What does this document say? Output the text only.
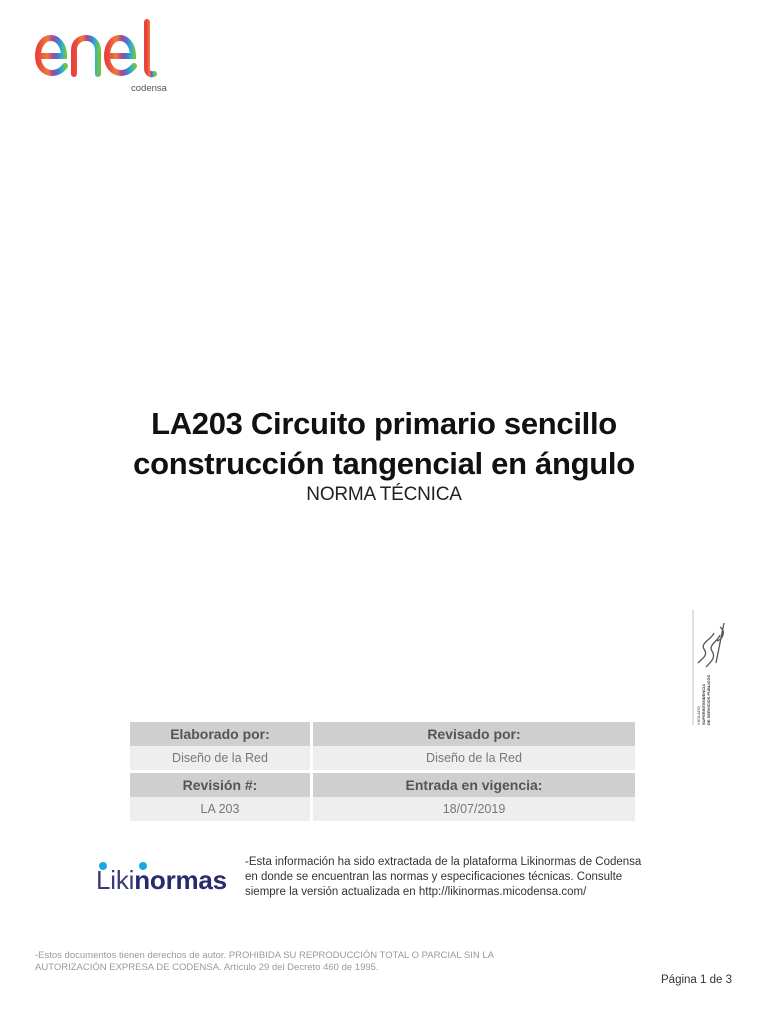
enel
codensa
LA203 Circuito primario sencillo
construcción tangencial en ángulo
NORMA TÉCNICA
VIGILADO SUPERINTENDENCIA DE SERVICIOS PÚBLICOS
Elaborado por:	Revisado por:
Diseño de la Red	Diseño de la Red
Revisión #:	Entrada en vigencia:
LA 203	18/07/2019
Likinormas
-Esta información ha sido extractada de la plataforma Likinormas de Codensa en donde se encuentran las normas y especificaciones técnicas. Consulte siempre la versión actualizada en http://likinormas.micodensa.com/
-Estos documentos tienen derechos de autor. PROHIBIDA SU REPRODUCCIÓN TOTAL O PARCIAL SIN LA AUTORIZACIÓN EXPRESA DE CODENSA. Artículo 29 del Decreto 460 de 1995.
Página 1 de 3
